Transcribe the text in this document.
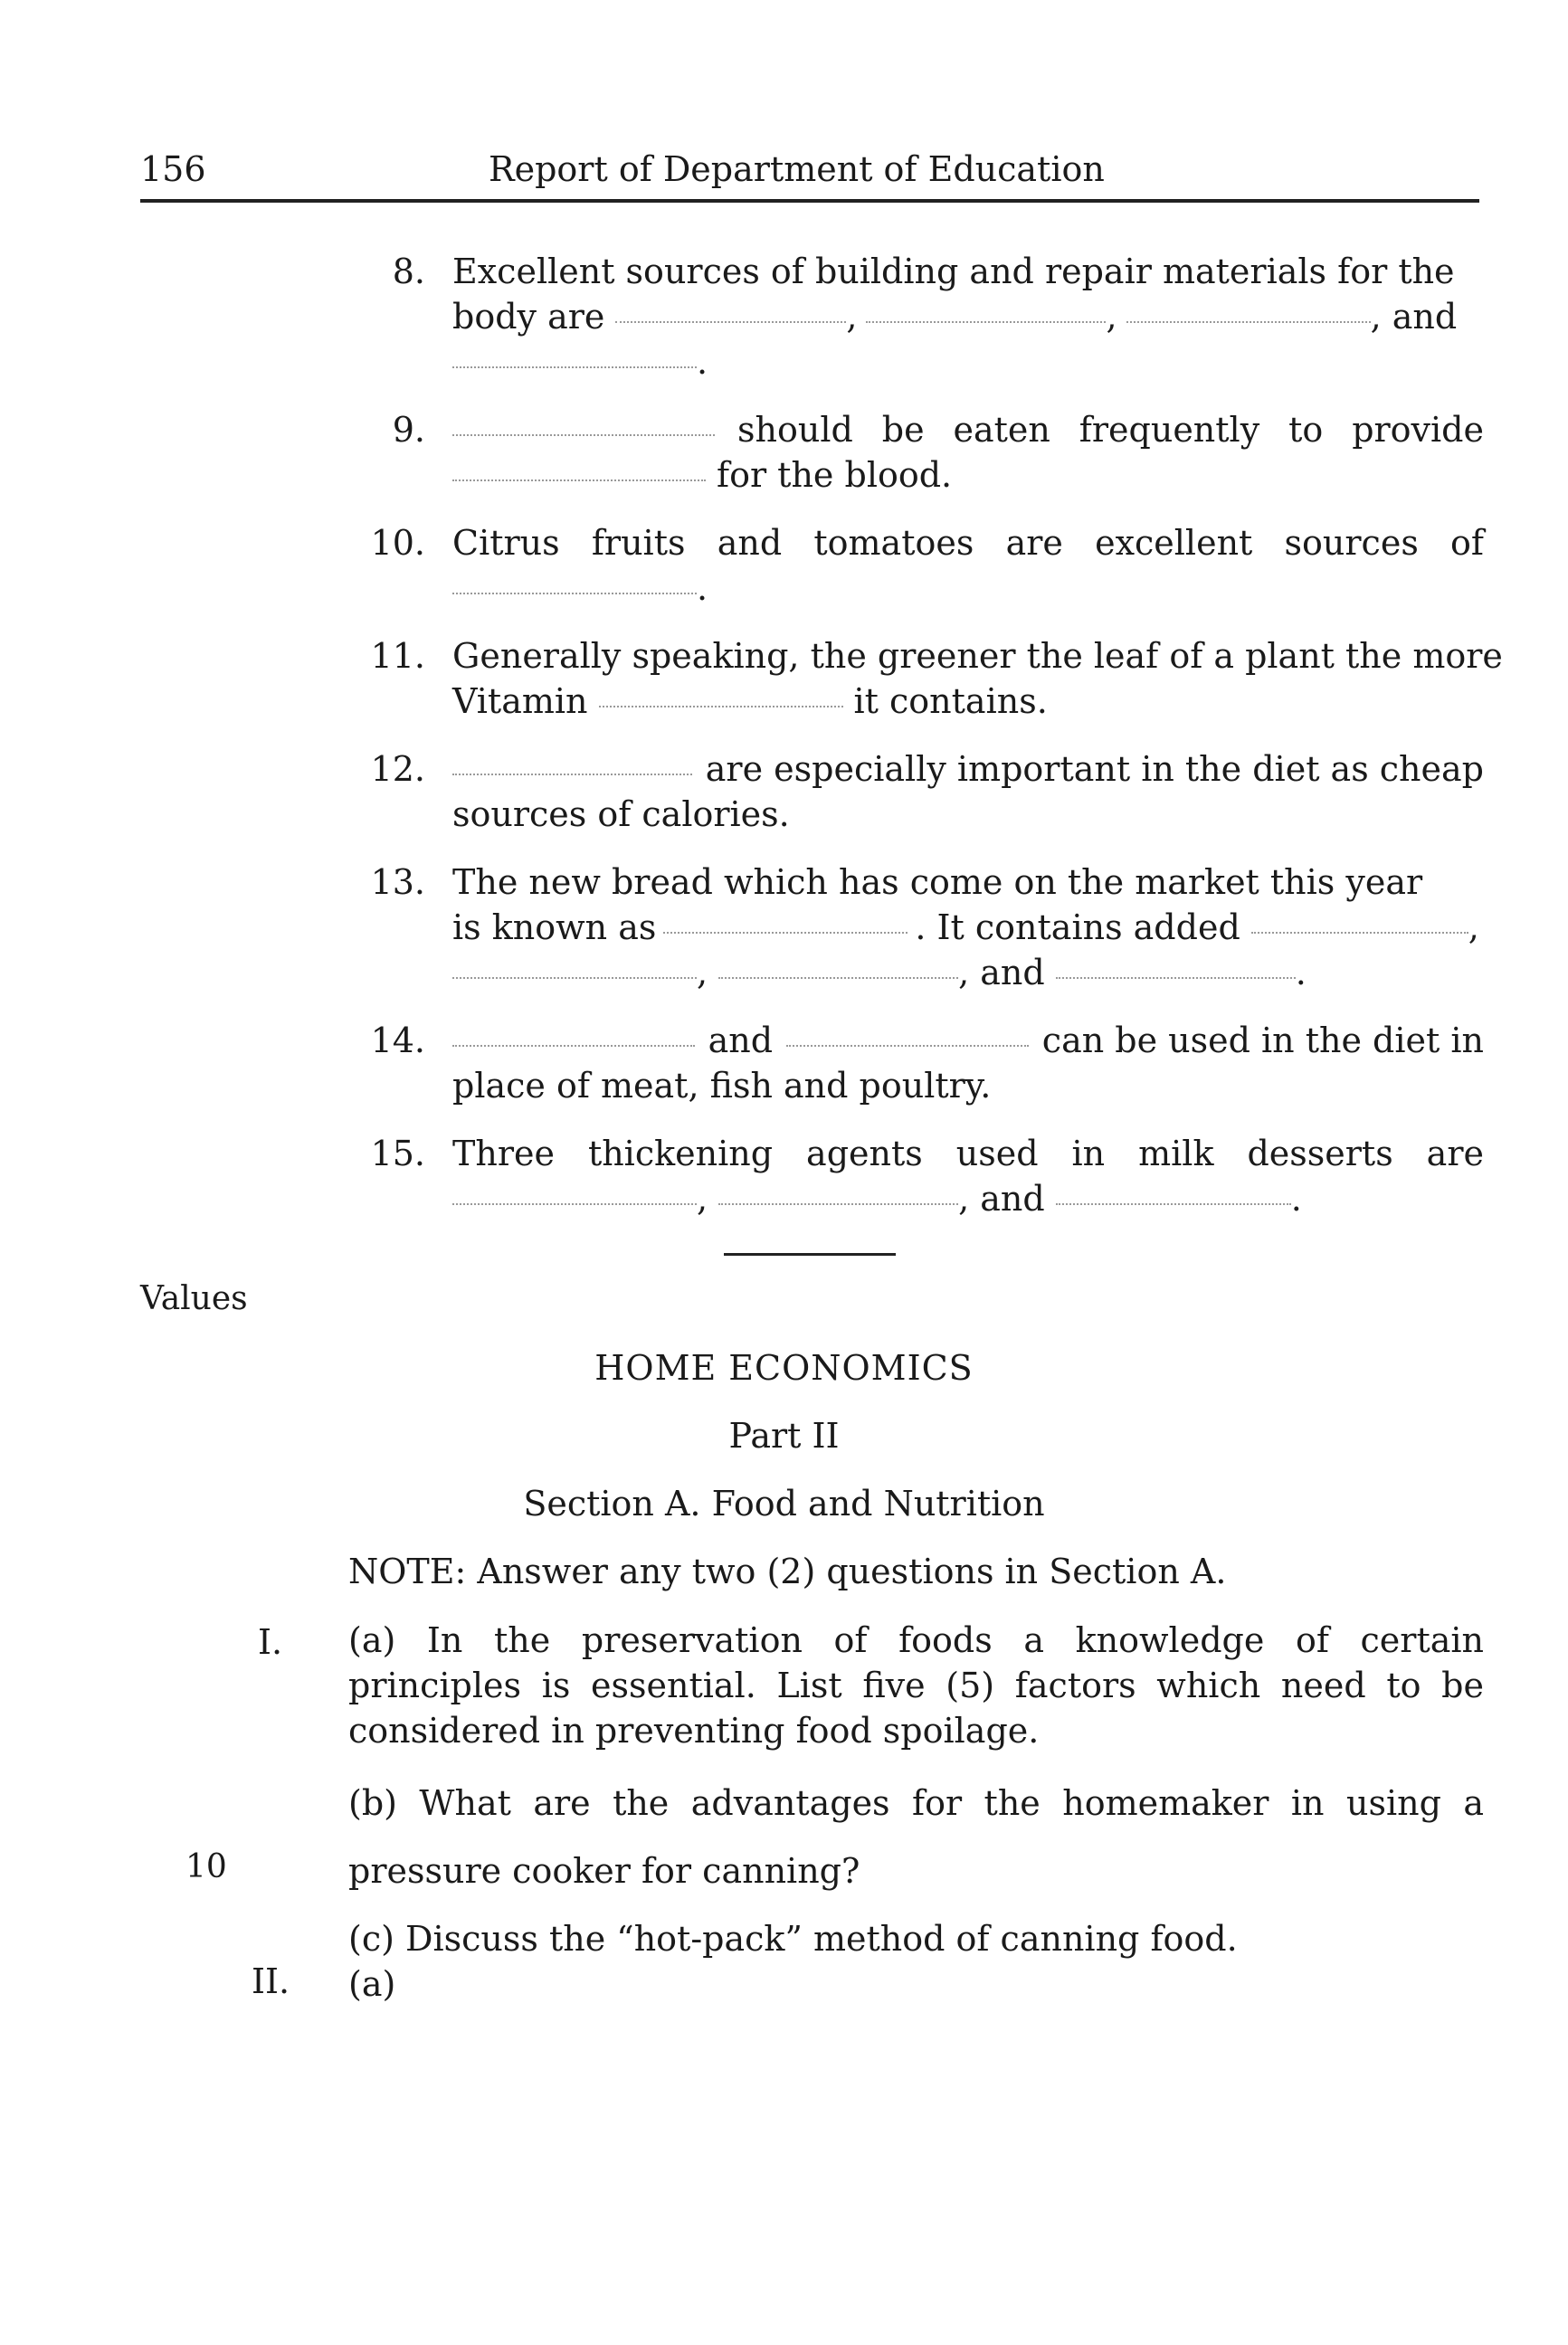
156	Report of Department of Education
8. Excellent sources of building and repair materials for the
body are	,	,	, and
.
9.	should be eaten frequently to provide
for the blood.
10. Citrus fruits and tomatoes are excellent sources of
.
11. Generally speaking, the greener the leaf of a plant the more
Vitamin	it contains.
12.	are especially important in the diet as cheap
sources of calories.
13. The new bread which has come on the market this year
is known as	. It contains added	,
,	, and	.
14.	and	can be used in the diet in
place of meat, fish and poultry.
15. Three thickening agents used in milk desserts are
,	, and	.
Values
HOME ECONOMICS
Part II
Section A. Food and Nutrition
NOTE: Answer any two (2) questions in Section A.
I. (a) In the preservation of foods a knowledge of certain principles is essential. List five (5) factors which need to be considered in preventing food spoilage.
(b) What are the advantages for the homemaker in using a
10	pressure cooker for canning?
(c) Discuss the “hot-pack” method of canning food.
II. (a)
